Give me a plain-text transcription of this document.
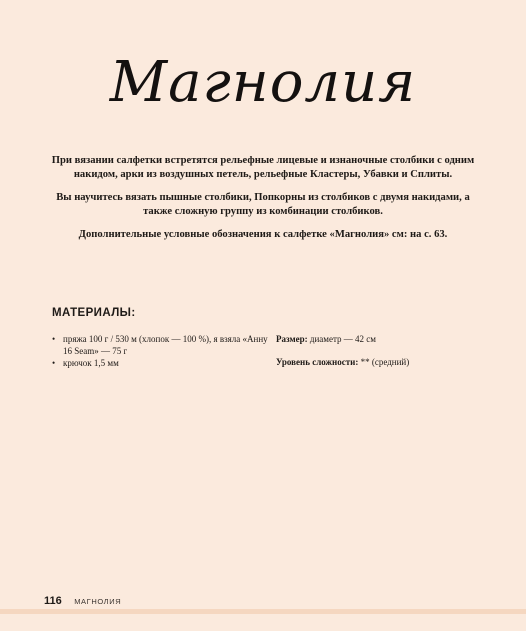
Магнолия

При вязании салфетки встретятся рельефные лицевые и изнаночные столбики с одним накидом, арки из воздушных петель, рельефные Кластеры, Убавки и Сплиты.

Вы научитесь вязать пышные столбики, Попкорны из столбиков с двумя накидами, а также сложную группу из комбинации столбиков.

Дополнительные условные обозначения к салфетке «Магнолия» см: на с. 63.

МАТЕРИАЛЫ:
• пряжа 100 г / 530 м (хлопок — 100 %), я взяла «Анну 16 Seam» — 75 г
• крючок 1,5 мм
Размер: диаметр — 42 см
Уровень сложности: ** (средний)
116 МАГНОЛИЯ
